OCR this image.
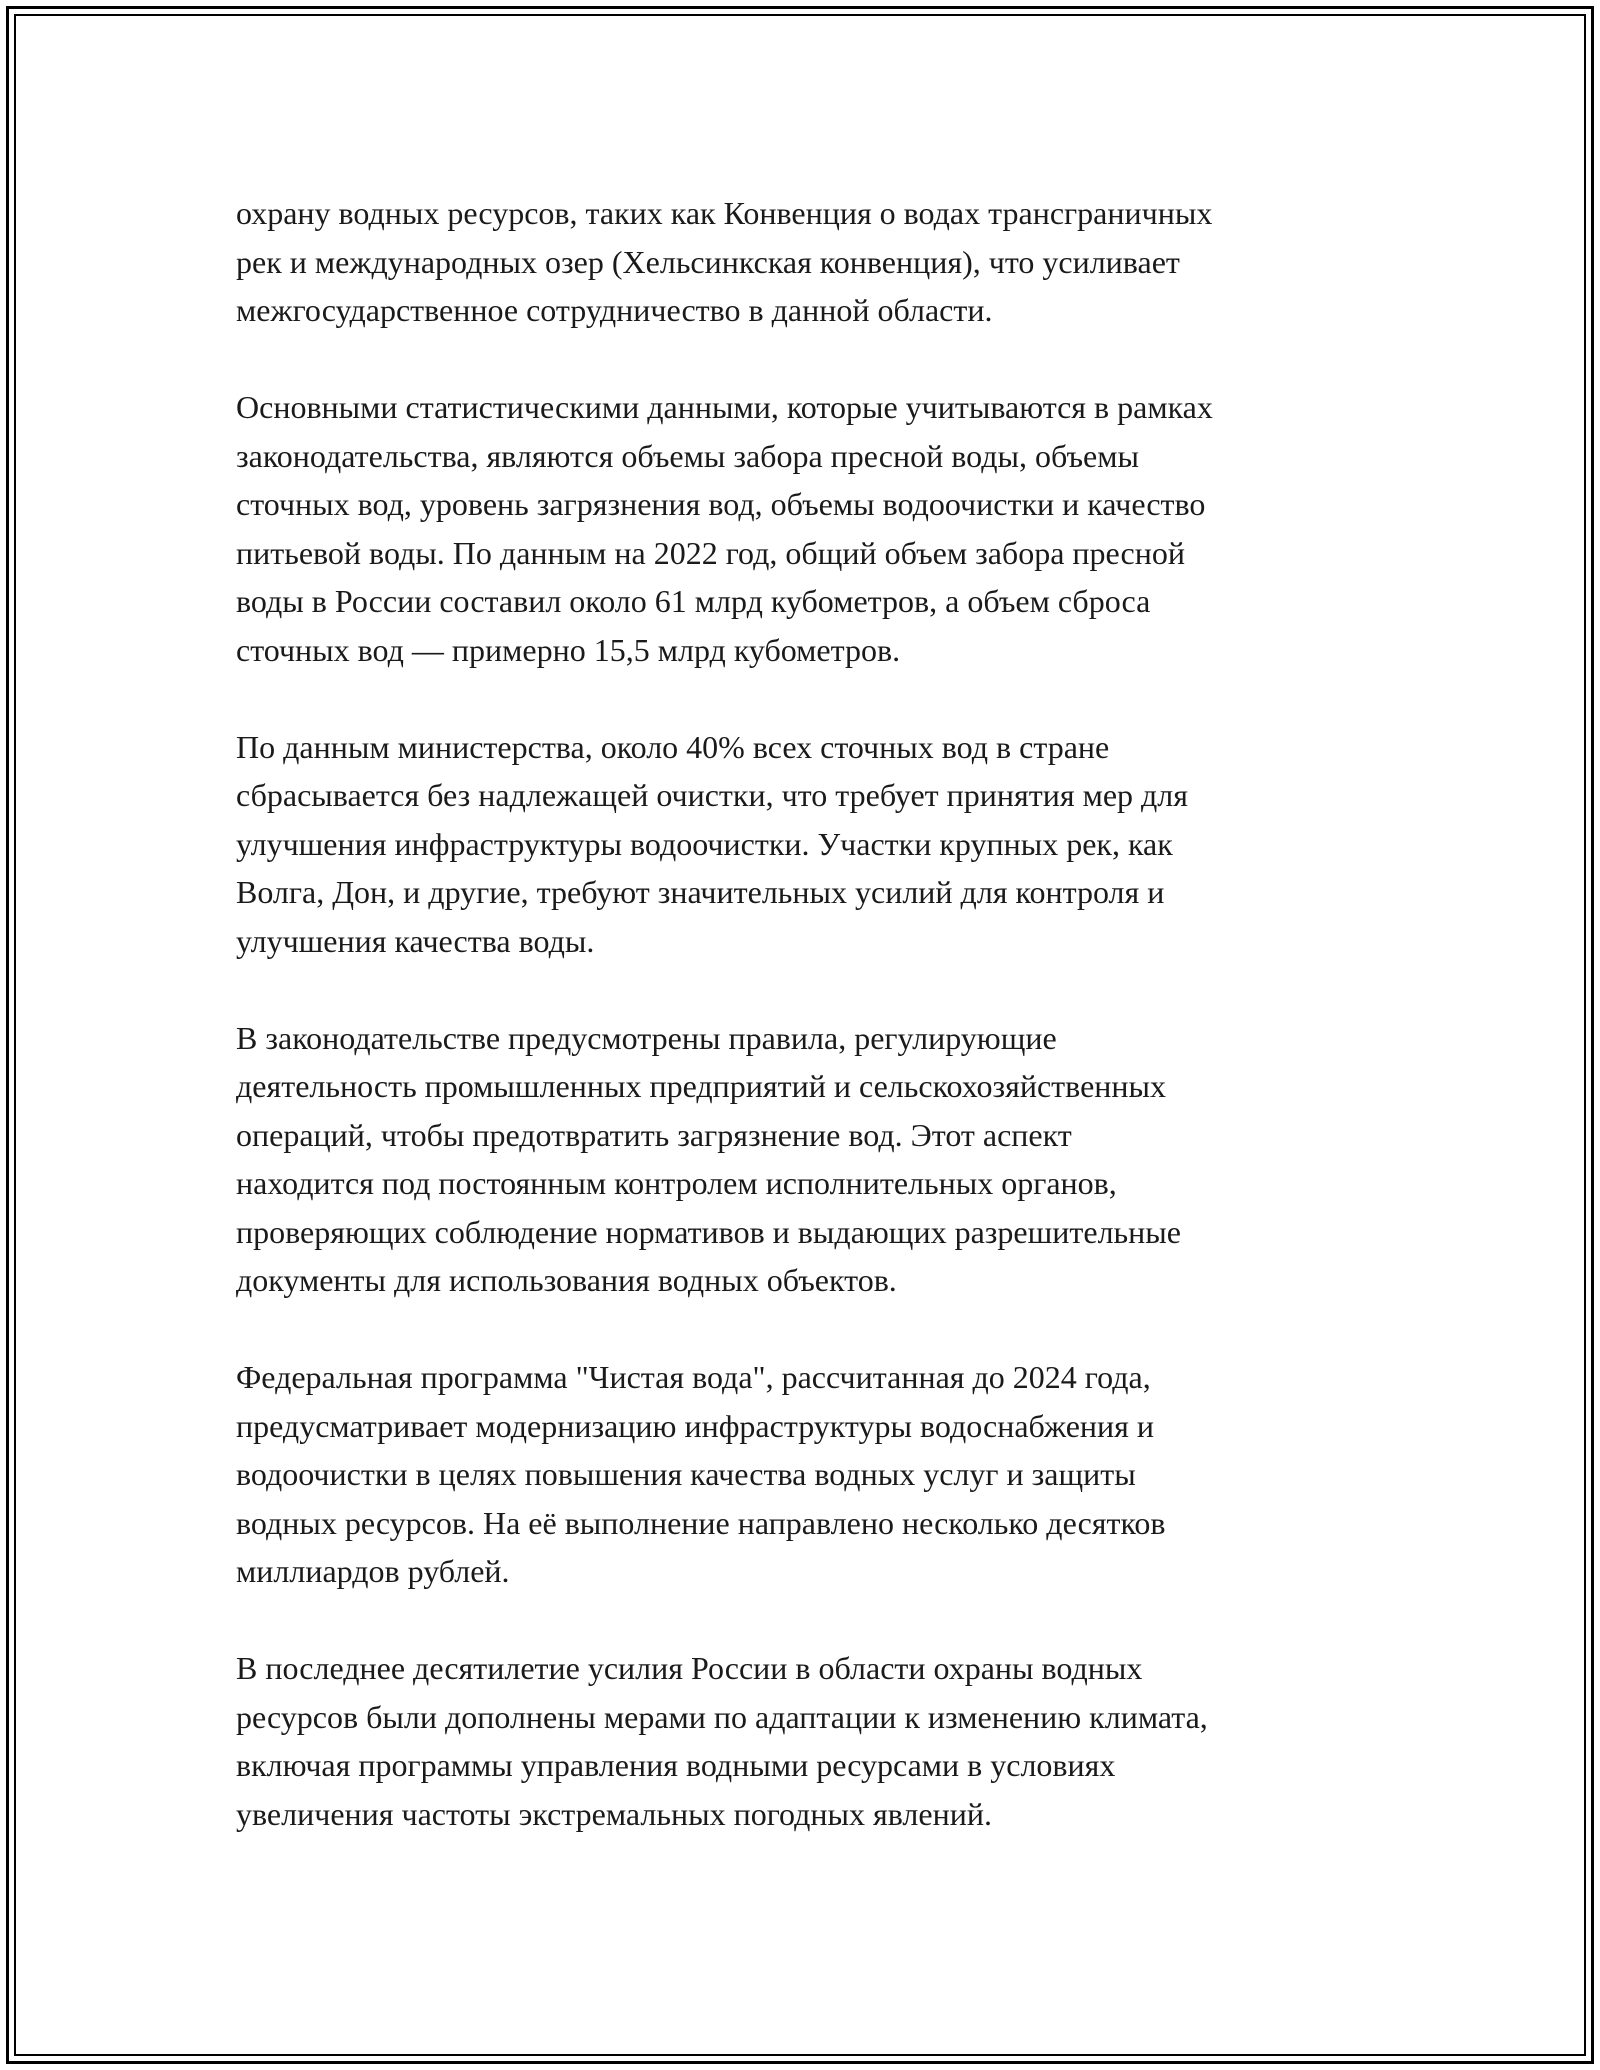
охрану водных ресурсов, таких как Конвенция о водах трансграничных
рек и международных озер (Хельсинкская конвенция), что усиливает
межгосударственное сотрудничество в данной области.

Основными статистическими данными, которые учитываются в рамках
законодательства, являются объемы забора пресной воды, объемы
сточных вод, уровень загрязнения вод, объемы водоочистки и качество
питьевой воды. По данным на 2022 год, общий объем забора пресной
воды в России составил около 61 млрд кубометров, а объем сброса
сточных вод — примерно 15,5 млрд кубометров.

По данным министерства, около 40% всех сточных вод в стране
сбрасывается без надлежащей очистки, что требует принятия мер для
улучшения инфраструктуры водоочистки. Участки крупных рек, как
Волга, Дон, и другие, требуют значительных усилий для контроля и
улучшения качества воды.

В законодательстве предусмотрены правила, регулирующие
деятельность промышленных предприятий и сельскохозяйственных
операций, чтобы предотвратить загрязнение вод. Этот аспект
находится под постоянным контролем исполнительных органов,
проверяющих соблюдение нормативов и выдающих разрешительные
документы для использования водных объектов.

Федеральная программа "Чистая вода", рассчитанная до 2024 года,
предусматривает модернизацию инфраструктуры водоснабжения и
водоочистки в целях повышения качества водных услуг и защиты
водных ресурсов. На её выполнение направлено несколько десятков
миллиардов рублей.

В последнее десятилетие усилия России в области охраны водных
ресурсов были дополнены мерами по адаптации к изменению климата,
включая программы управления водными ресурсами в условиях
увеличения частоты экстремальных погодных явлений.
